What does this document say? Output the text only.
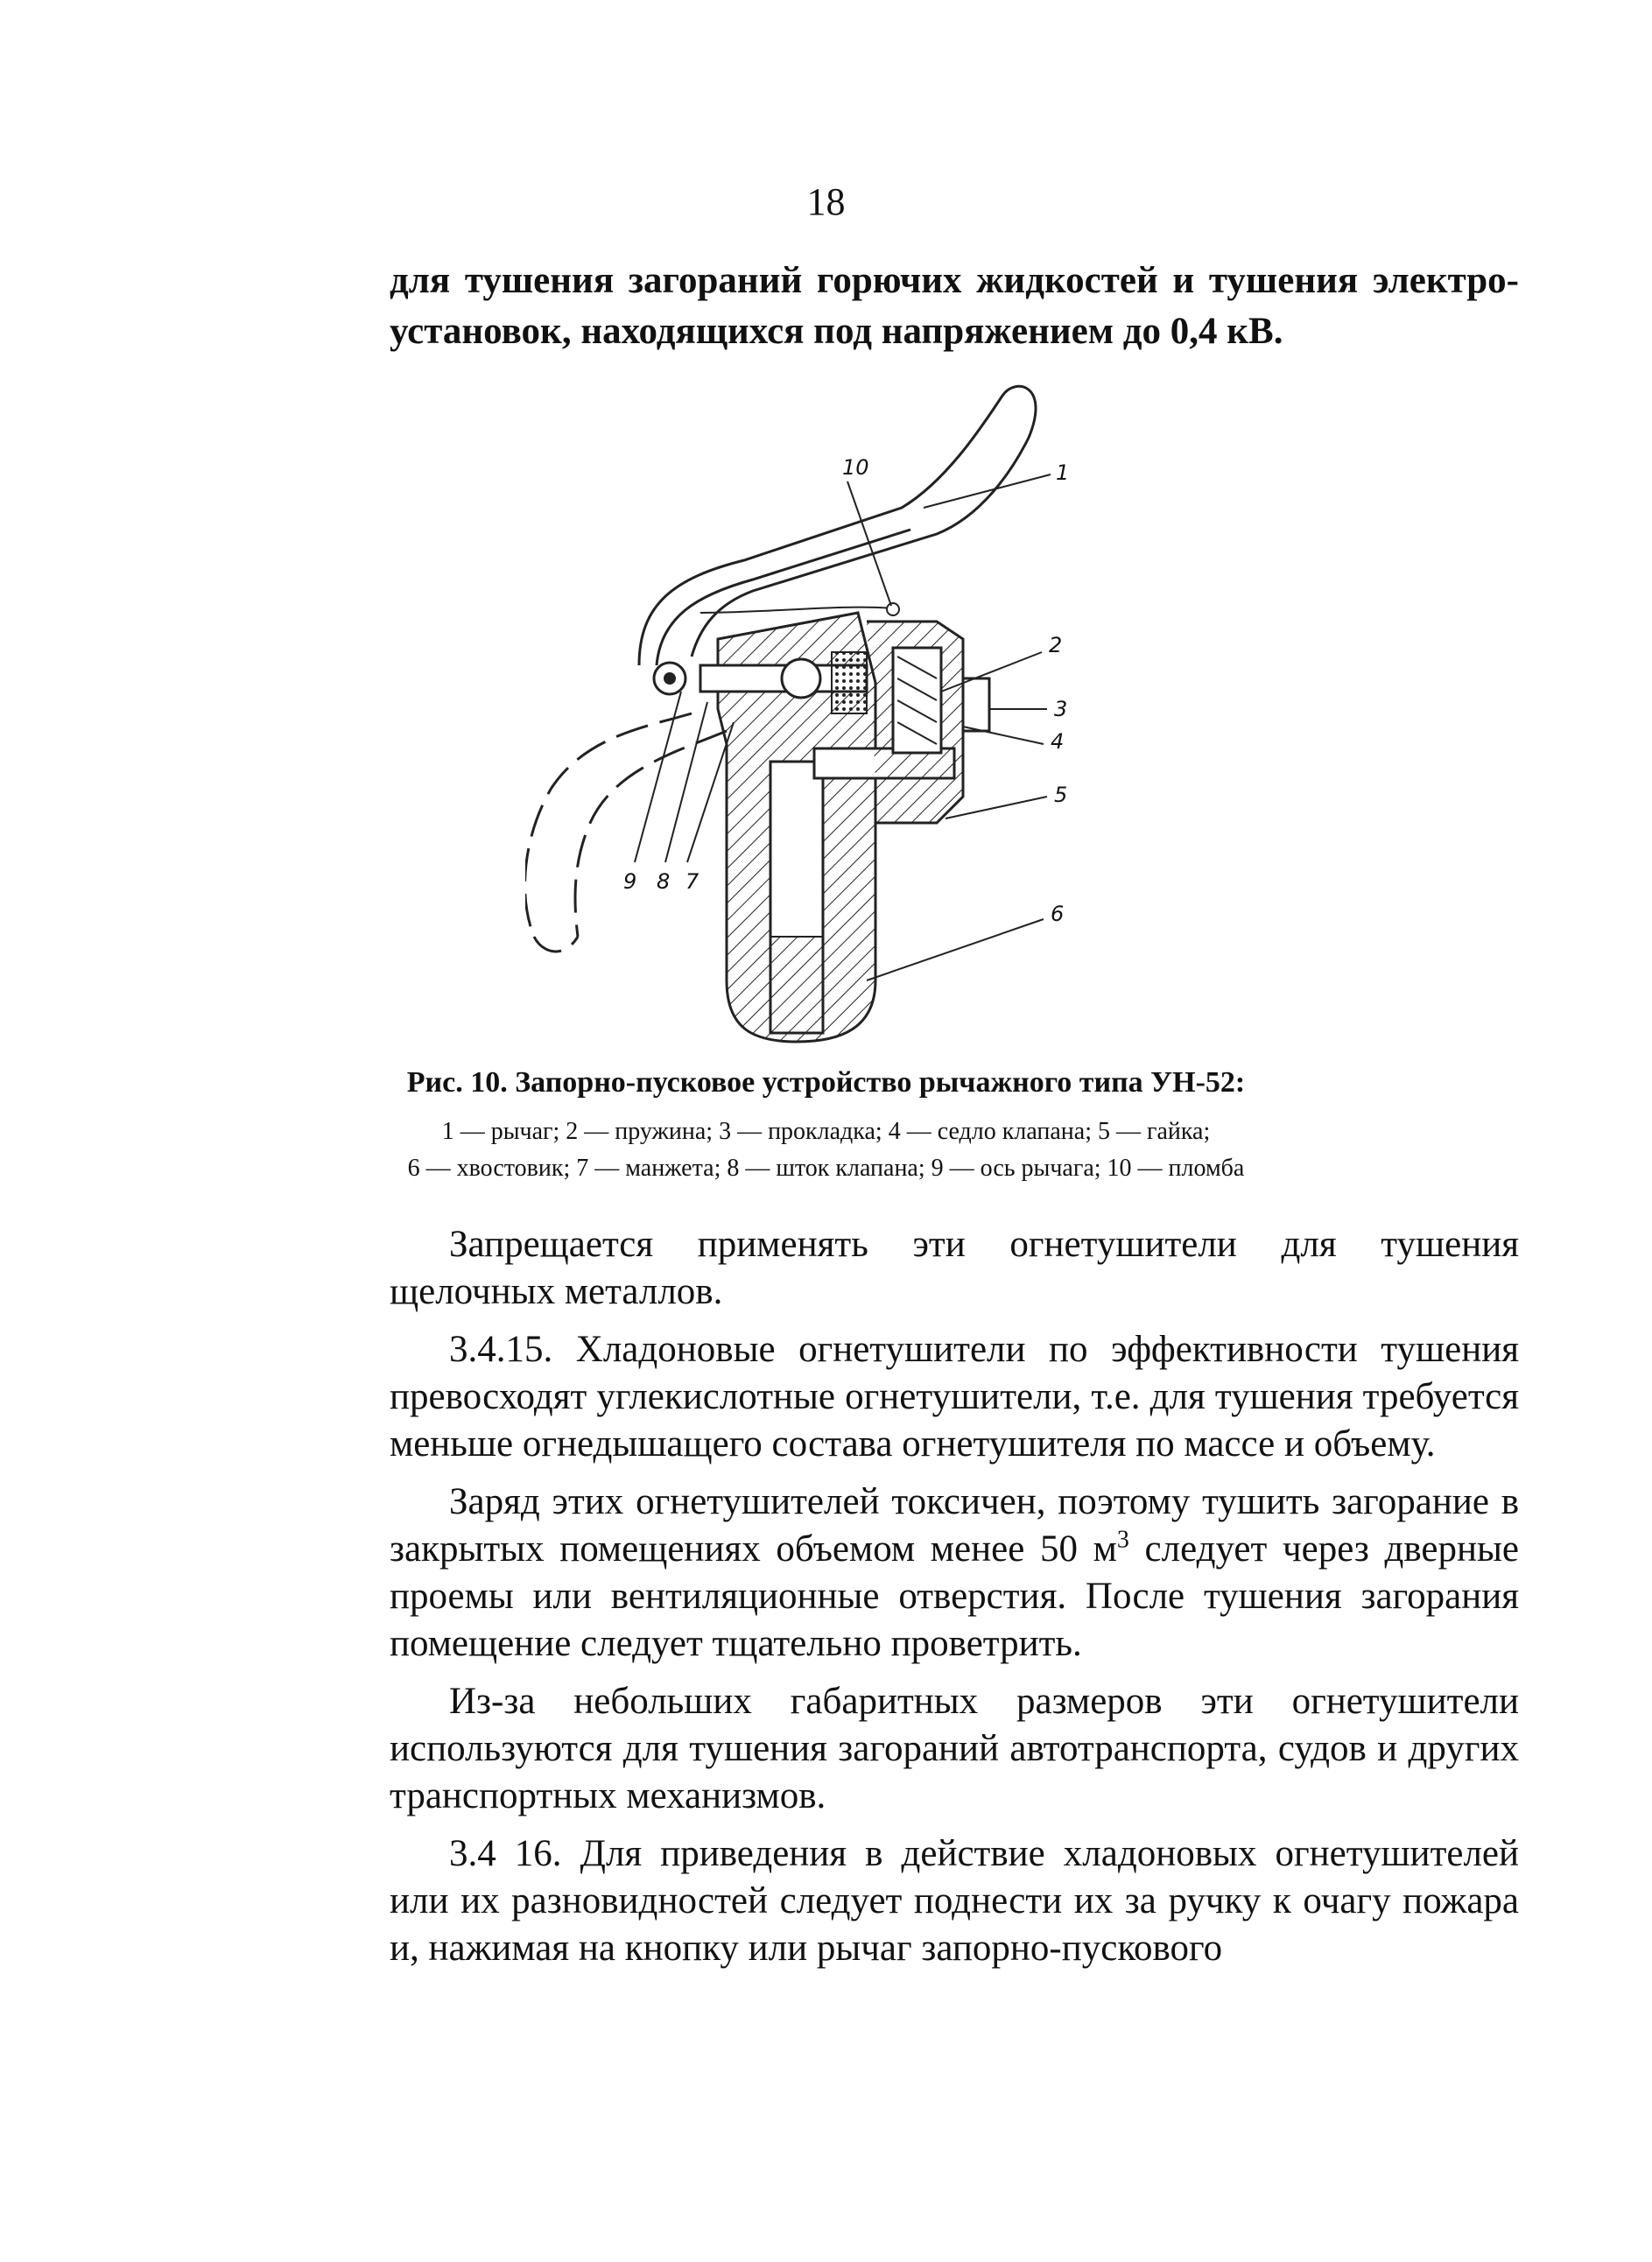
18
для тушения загораний горючих жидкостей и тушения электро-установок, находящихся под напряжением до 0,4 кВ.
10	1
2
3
4
5
6
9 8 7
Рис. 10. Запорно-пусковое устройство рычажного типа УН-52:
1 — рычаг; 2 — пружина; 3 — прокладка; 4 — седло клапана; 5 — гайка;
6 — хвостовик; 7 — манжета; 8 — шток клапана; 9 — ось рычага; 10 — пломба

Запрещается применять эти огнетушители для тушения щелочных металлов.

3.4.15. Хладоновые огнетушители по эффективности тушения превосходят углекислотные огнетушители, т.е. для тушения требуется меньше огнедышащего состава огнетушителя по массе и объему.

Заряд этих огнетушителей токсичен, поэтому тушить загорание в закрытых помещениях объемом менее 50 $м^3$ следует через дверные проемы или вентиляционные отверстия. После тушения загорания помещение следует тщательно проветрить.

Из-за небольших габаритных размеров эти огнетушители используются для тушения загораний автотранспорта, судов и других транспортных механизмов.

3.4 16. Для приведения в действие хладоновых огнетушителей или их разновидностей следует поднести их за ручку к очагу пожара и, нажимая на кнопку или рычаг запорно-пускового
